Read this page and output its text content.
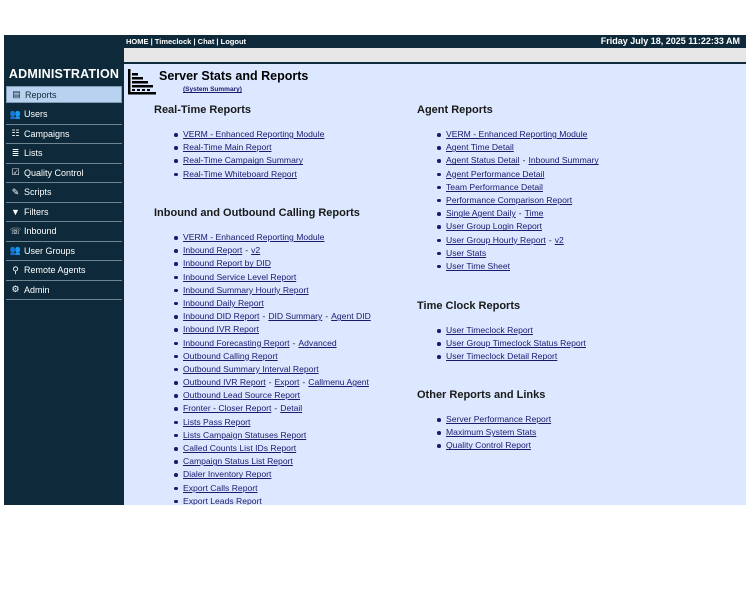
ADMINISTRATION
▤ Reports
👥 Users
☷ Campaigns
≣ Lists
☑ Quality Control
✎ Scripts
▼ Filters
☏ Inbound
👥 User Groups
⚲ Remote Agents
⚙ Admin
HOME | Timeclock | Chat | Logout	Friday July 18, 2025 11:22:33 AM
Server Stats and Reports
(System Summary)
Real-Time Reports
VERM - Enhanced Reporting Module
Real-Time Main Report
Real-Time Campaign Summary
Real-Time Whiteboard Report
Inbound and Outbound Calling Reports
VERM - Enhanced Reporting Module
Inbound Report - v2
Inbound Report by DID
Inbound Service Level Report
Inbound Summary Hourly Report
Inbound Daily Report
Inbound DID Report - DID Summary - Agent DID
Inbound IVR Report
Inbound Forecasting Report - Advanced
Outbound Calling Report
Outbound Summary Interval Report
Outbound IVR Report - Export - Callmenu Agent
Outbound Lead Source Report
Fronter - Closer Report - Detail
Lists Pass Report
Lists Campaign Statuses Report
Called Counts List IDs Report
Campaign Status List Report
Dialer Inventory Report
Export Calls Report
Export Leads Report
Agent Reports
VERM - Enhanced Reporting Module
Agent Time Detail
Agent Status Detail - Inbound Summary
Agent Performance Detail
Team Performance Detail
Performance Comparison Report
Single Agent Daily - Time
User Group Login Report
User Group Hourly Report - v2
User Stats
User Time Sheet
Time Clock Reports
User Timeclock Report
User Group Timeclock Status Report
User Timeclock Detail Report
Other Reports and Links
Server Performance Report
Maximum System Stats
Quality Control Report
